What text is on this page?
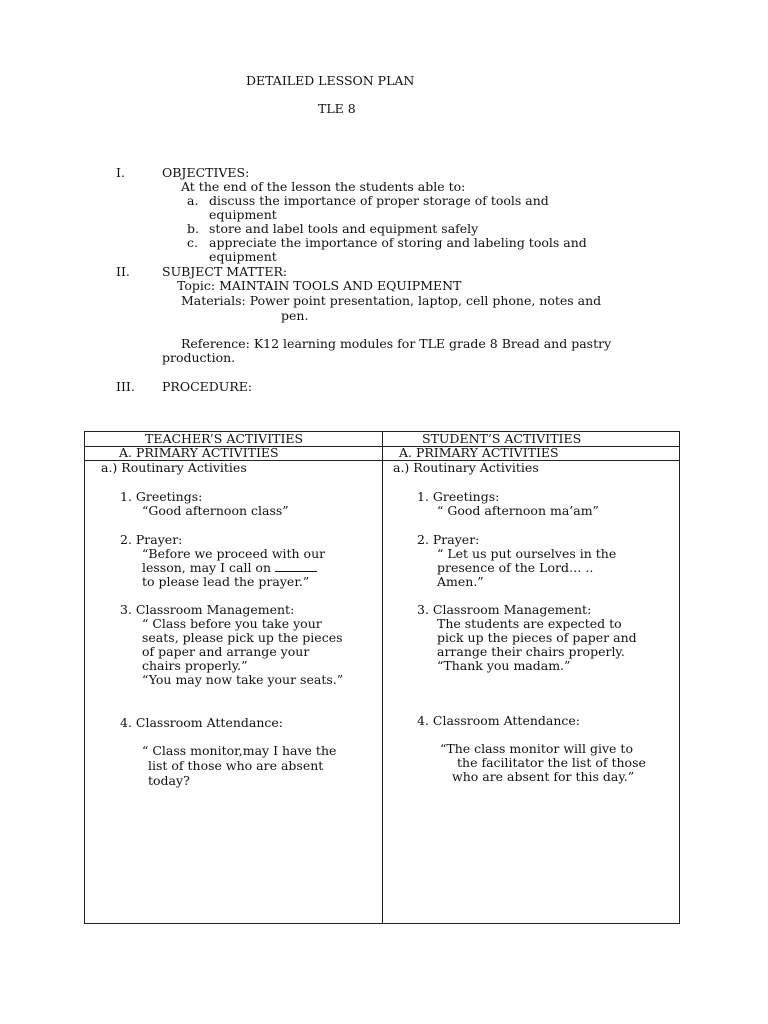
DETAILED LESSON PLAN
TLE 8
I.	OBJECTIVES:
At the end of the lesson the students able to:
a. discuss the importance of proper storage of tools and
equipment
b. store and label tools and equipment safely
c. appreciate the importance of storing and labeling tools and
equipment
II.	SUBJECT MATTER:
Topic: MAINTAIN TOOLS AND EQUIPMENT
Materials: Power point presentation, laptop, cell phone, notes and
pen.
Reference: K12 learning modules for TLE grade 8 Bread and pastry
production.
III. PROCEDURE:
TEACHER’S ACTIVITIES
A. PRIMARY ACTIVITIES
a.) Routinary Activities
1. Greetings:
“Good afternoon class”
2. Prayer:
“Before we proceed with our
lesson, may I call on
to please lead the prayer.”
3. Classroom Management:
“ Class before you take your
seats, please pick up the pieces
of paper and arrange your
chairs properly.”
“You may now take your seats.”
4. Classroom Attendance:
“ Class monitor,may I have the
list of those who are absent
today?
STUDENT’S ACTIVITIES
A. PRIMARY ACTIVITIES
a.) Routinary Activities
1. Greetings:
“ Good afternoon ma’am”
2. Prayer:
“ Let us put ourselves in the
presence of the Lord… ..
Amen.”
3. Classroom Management:
The students are expected to
pick up the pieces of paper and
arrange their chairs properly.
“Thank you madam.”
4. Classroom Attendance:
“The class monitor will give to
the facilitator the list of those
who are absent for this day.”
